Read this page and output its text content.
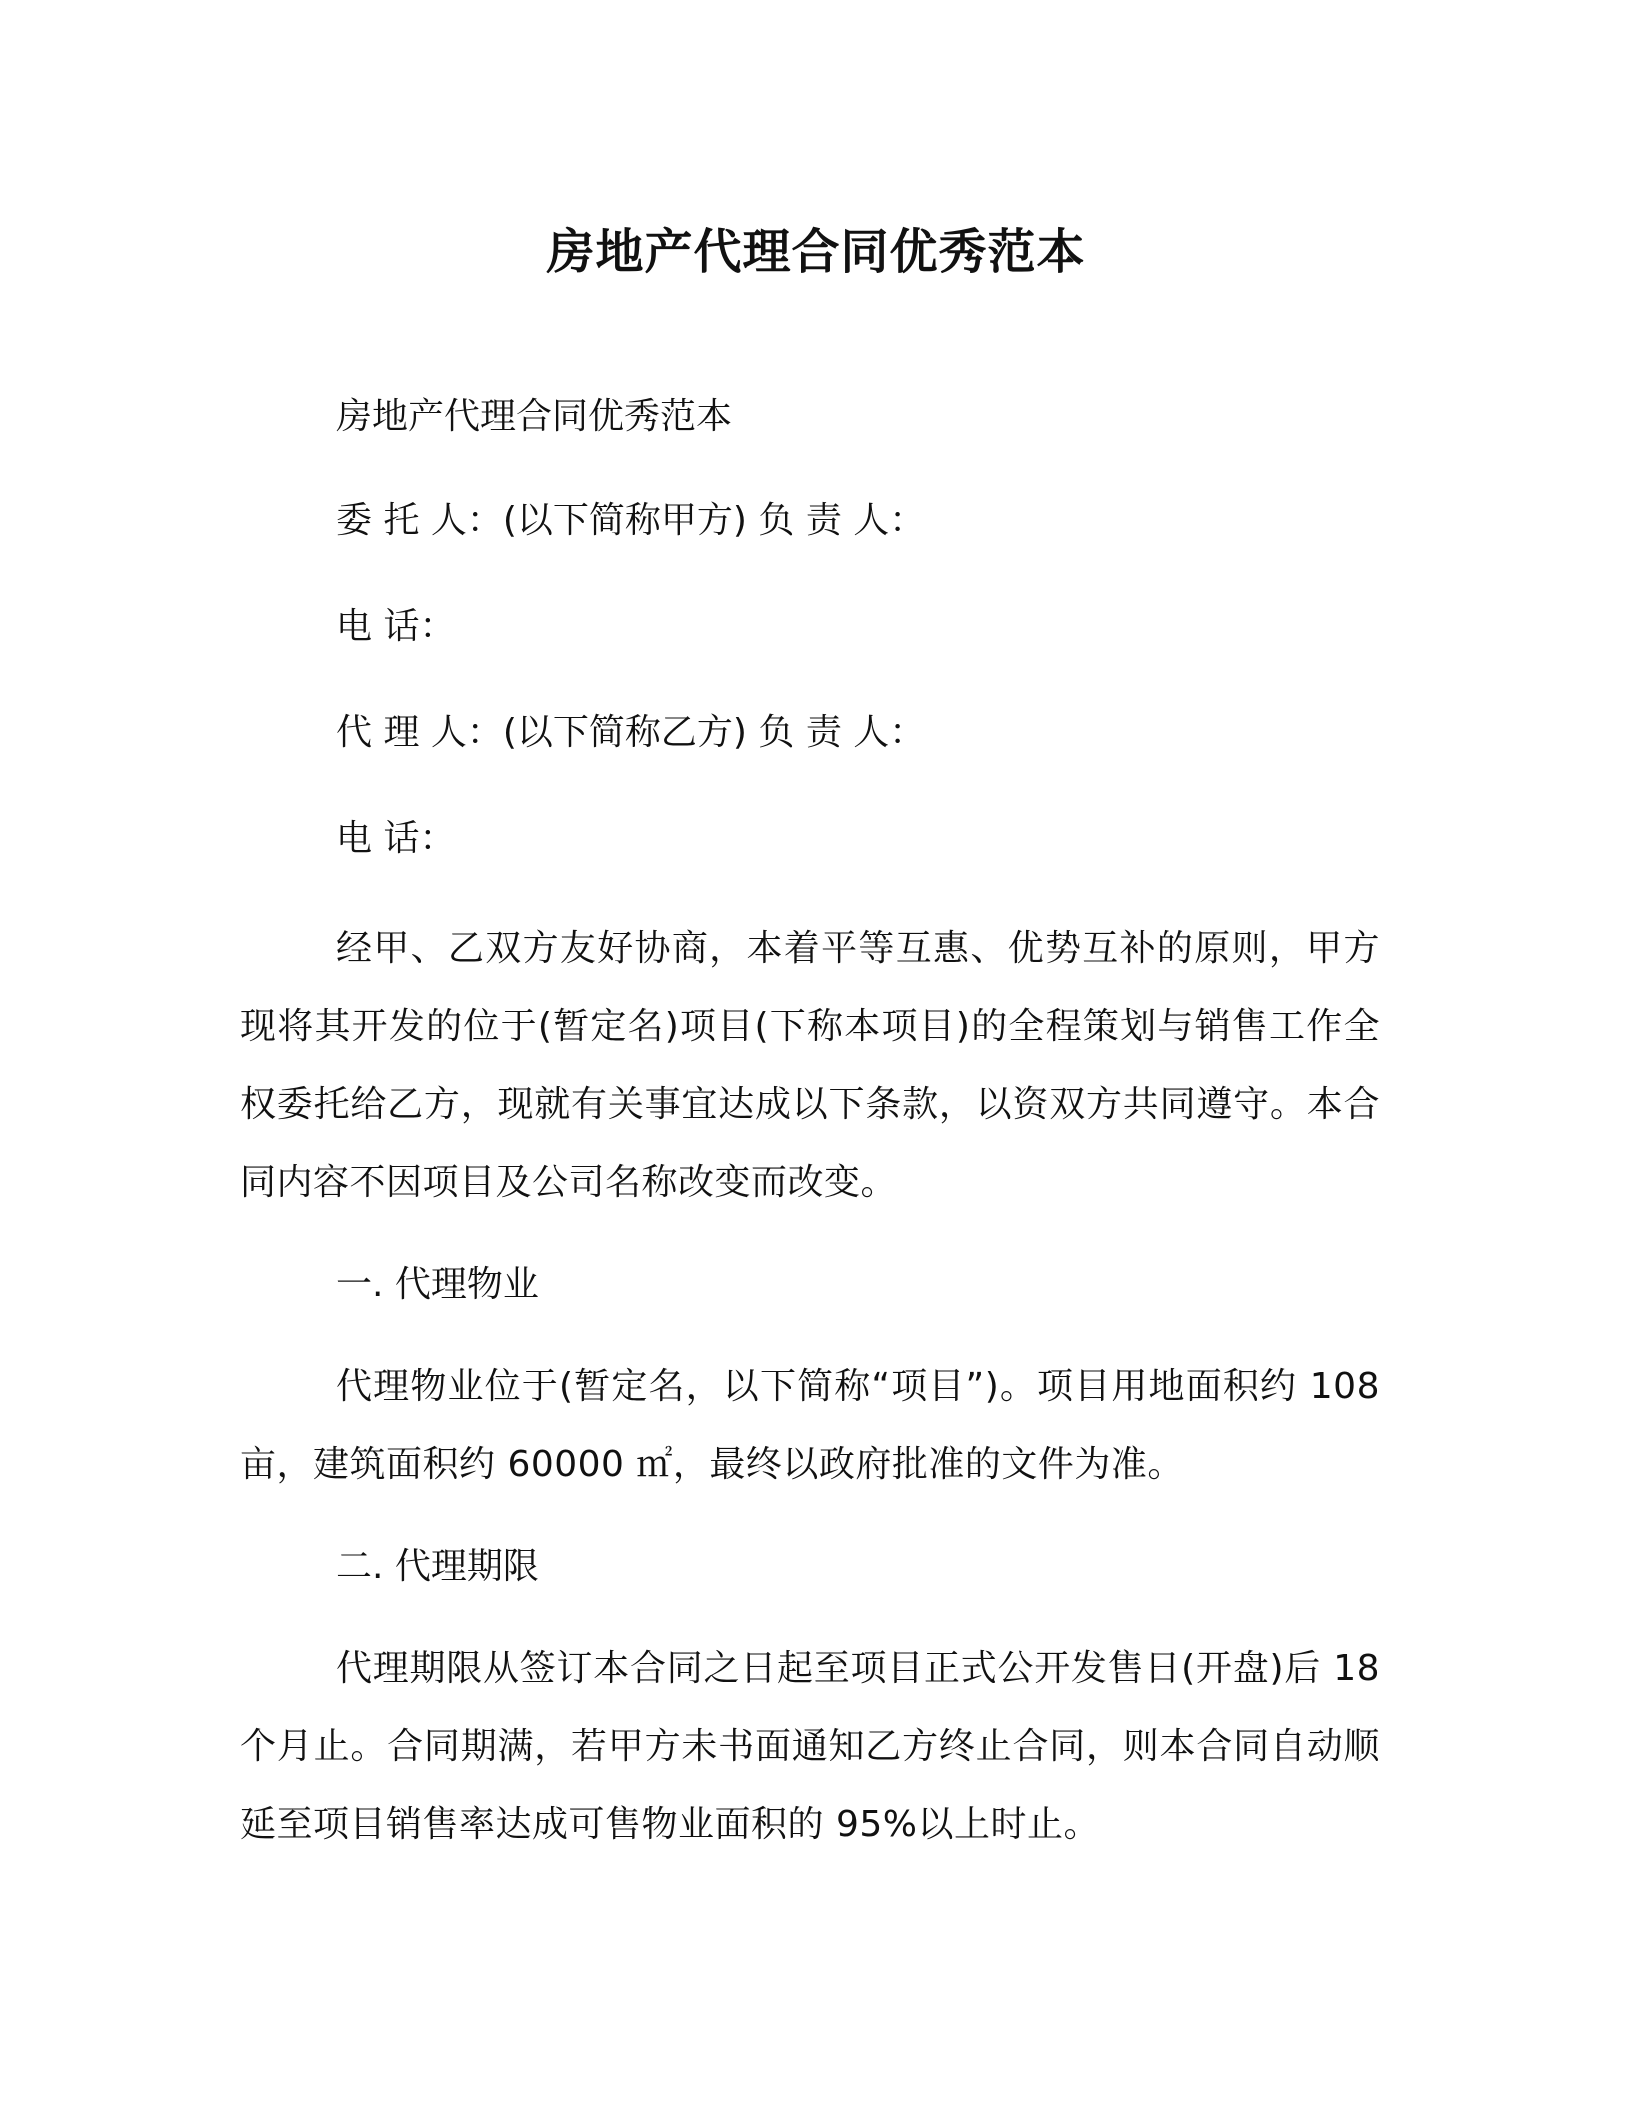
房地产代理合同优秀范本

房地产代理合同优秀范本

委 托 人：(以下简称甲方) 负 责 人：

电 话：

代 理 人：(以下简称乙方) 负 责 人：

电 话：

经甲、乙双方友好协商，本着平等互惠、优势互补的原则，甲方现将其开发的位于(暂定名)项目(下称本项目)的全程策划与销售工作全权委托给乙方，现就有关事宜达成以下条款，以资双方共同遵守。本合同内容不因项目及公司名称改变而改变。

一. 代理物业

代理物业位于(暂定名，以下简称“项目”)。项目用地面积约 108 亩，建筑面积约 60000 ㎡，最终以政府批准的文件为准。

二. 代理期限

代理期限从签订本合同之日起至项目正式公开发售日(开盘)后 18 个月止。合同期满，若甲方未书面通知乙方终止合同，则本合同自动顺延至项目销售率达成可售物业面积的 95%以上时止。
